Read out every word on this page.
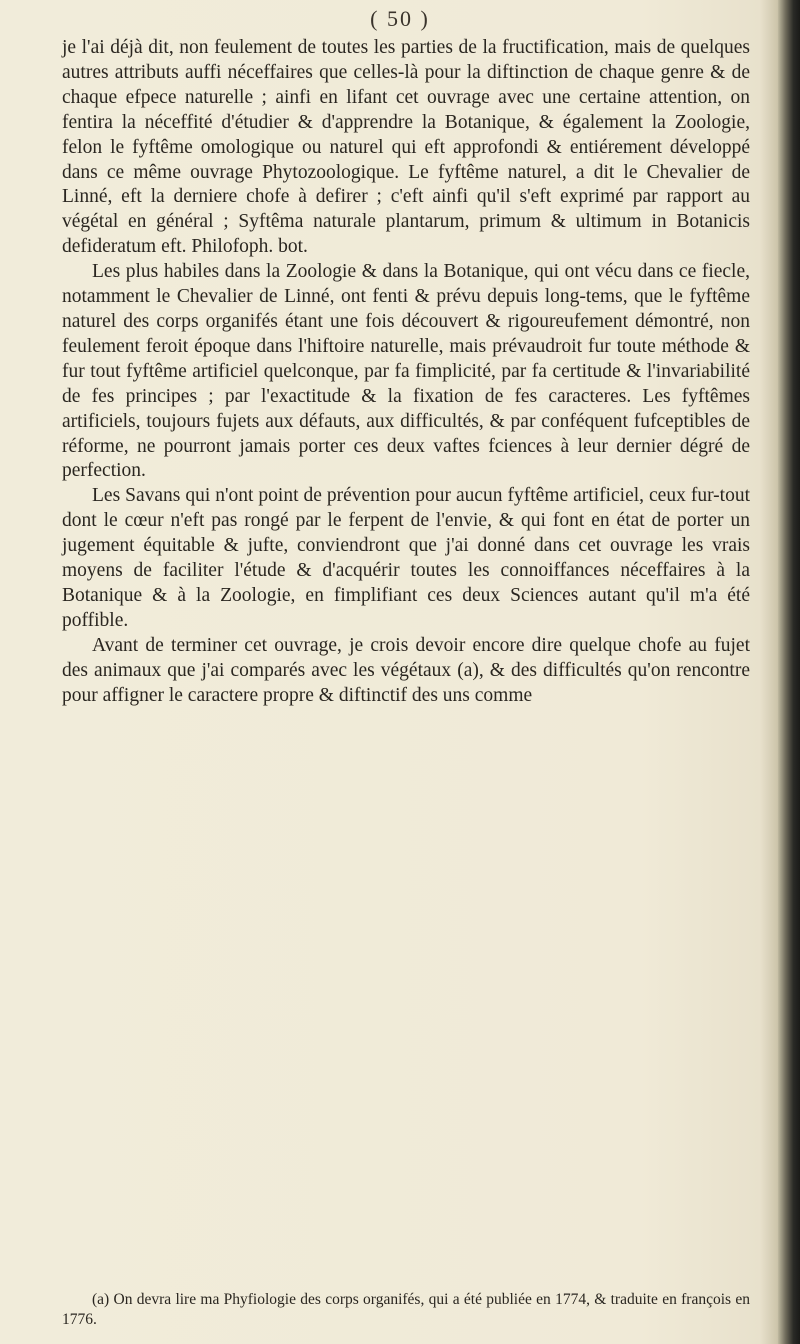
( 50 )

je l'ai déjà dit, non feulement de toutes les parties de la fructification, mais de quelques autres attributs auffi néceffaires que celles-là pour la diftinction de chaque genre & de chaque efpece naturelle ; ainfi en lifant cet ouvrage avec une certaine attention, on fentira la néceffité d'étudier & d'apprendre la Botanique, & également la Zoologie, felon le fyftême omologique ou naturel qui eft approfondi & entiérement développé dans ce même ouvrage Phytozoologique. Le fyftême naturel, a dit le Chevalier de Linné, eft la derniere chofe à defirer ; c'eft ainfi qu'il s'eft exprimé par rapport au végétal en général ; Syftêma naturale plantarum, primum & ultimum in Botanicis defideratum eft. Philofoph. bot.

Les plus habiles dans la Zoologie & dans la Botanique, qui ont vécu dans ce fiecle, notamment le Chevalier de Linné, ont fenti & prévu depuis long-tems, que le fyftême naturel des corps organifés étant une fois découvert & rigoureufement démontré, non feulement feroit époque dans l'hiftoire naturelle, mais prévaudroit fur toute méthode & fur tout fyftême artificiel quelconque, par fa fimplicité, par fa certitude & l'invariabilité de fes principes ; par l'exactitude & la fixation de fes caracteres. Les fyftêmes artificiels, toujours fujets aux défauts, aux difficultés, & par conféquent fufceptibles de réforme, ne pourront jamais porter ces deux vaftes fciences à leur dernier dégré de perfection.

Les Savans qui n'ont point de prévention pour aucun fyftême artificiel, ceux fur-tout dont le cœur n'eft pas rongé par le ferpent de l'envie, & qui font en état de porter un jugement équitable & jufte, conviendront que j'ai donné dans cet ouvrage les vrais moyens de faciliter l'étude & d'acquérir toutes les connoiffances néceffaires à la Botanique & à la Zoologie, en fimplifiant ces deux Sciences autant qu'il m'a été poffible.

Avant de terminer cet ouvrage, je crois devoir encore dire quelque chofe au fujet des animaux que j'ai comparés avec les végétaux (a), & des difficultés qu'on rencontre pour affigner le caractere propre & diftinctif des uns comme

(a) On devra lire ma Phyfiologie des corps organifés, qui a été publiée en 1774, & traduite en françois en 1776.
